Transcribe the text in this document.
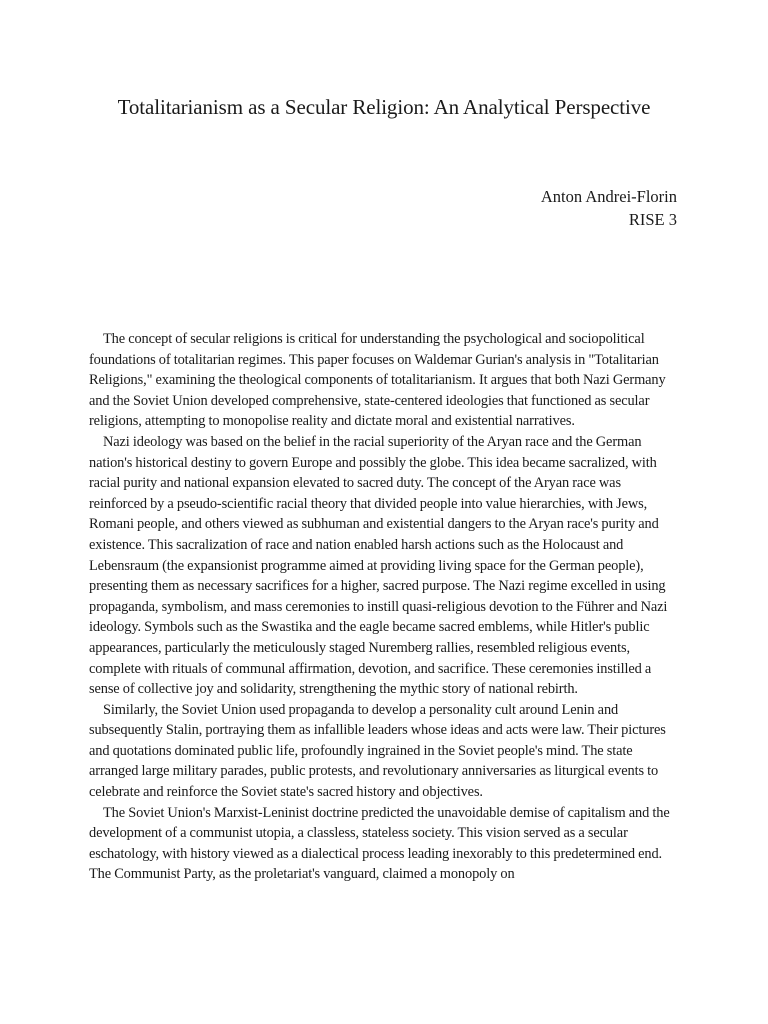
Totalitarianism as a Secular Religion: An Analytical Perspective
Anton Andrei-Florin
RISE 3

The concept of secular religions is critical for understanding the psychological and sociopolitical foundations of totalitarian regimes. This paper focuses on Waldemar Gurian's analysis in "Totalitarian Religions," examining the theological components of totalitarianism. It argues that both Nazi Germany and the Soviet Union developed comprehensive, state-centered ideologies that functioned as secular religions, attempting to monopolise reality and dictate moral and existential narratives.

Nazi ideology was based on the belief in the racial superiority of the Aryan race and the German nation's historical destiny to govern Europe and possibly the globe. This idea became sacralized, with racial purity and national expansion elevated to sacred duty. The concept of the Aryan race was reinforced by a pseudo-scientific racial theory that divided people into value hierarchies, with Jews, Romani people, and others viewed as subhuman and existential dangers to the Aryan race's purity and existence. This sacralization of race and nation enabled harsh actions such as the Holocaust and Lebensraum (the expansionist programme aimed at providing living space for the German people), presenting them as necessary sacrifices for a higher, sacred purpose. The Nazi regime excelled in using propaganda, symbolism, and mass ceremonies to instill quasi-religious devotion to the Führer and Nazi ideology. Symbols such as the Swastika and the eagle became sacred emblems, while Hitler's public appearances, particularly the meticulously staged Nuremberg rallies, resembled religious events, complete with rituals of communal affirmation, devotion, and sacrifice. These ceremonies instilled a sense of collective joy and solidarity, strengthening the mythic story of national rebirth.

Similarly, the Soviet Union used propaganda to develop a personality cult around Lenin and subsequently Stalin, portraying them as infallible leaders whose ideas and acts were law. Their pictures and quotations dominated public life, profoundly ingrained in the Soviet people's mind. The state arranged large military parades, public protests, and revolutionary anniversaries as liturgical events to celebrate and reinforce the Soviet state's sacred history and objectives.

The Soviet Union's Marxist-Leninist doctrine predicted the unavoidable demise of capitalism and the development of a communist utopia, a classless, stateless society. This vision served as a secular eschatology, with history viewed as a dialectical process leading inexorably to this predetermined end. The Communist Party, as the proletariat's vanguard, claimed a monopoly on
